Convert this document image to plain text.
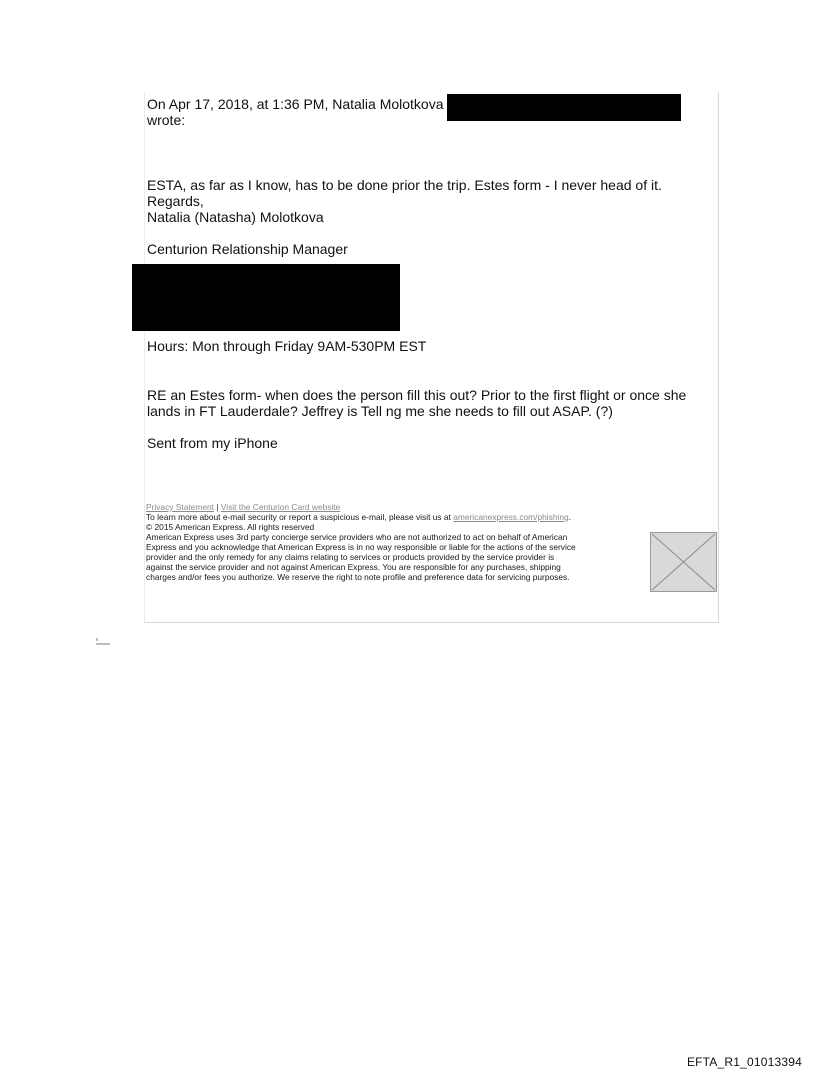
On Apr 17, 2018, at 1:36 PM, Natalia Molotkova
wrote:
ESTA, as far as I know, has to be done prior the trip. Estes form - I never head of it.
Regards,
Natalia (Natasha) Molotkova
Centurion Relationship Manager
Hours: Mon through Friday 9AM-530PM EST
RE an Estes form- when does the person fill this out? Prior to the first flight or once she
lands in FT Lauderdale? Jeffrey is Tell ng me she needs to fill out ASAP. (?)
Sent from my iPhone
Privacy Statement | Visit the Centurion Card website
To learn more about e-mail security or report a suspicious e-mail, please visit us at americanexpress.com/phishing.
© 2015 American Express. All rights reserved
American Express uses 3rd party concierge service providers who are not authorized to act on behalf of American
Express and you acknowledge that American Express is in no way responsible or liable for the actions of the service
provider and the only remedy for any claims relating to services or products provided by the service provider is
against the service provider and not against American Express. You are responsible for any purchases, shipping
charges and/or fees you authorize. We reserve the right to note profile and preference data for servicing purposes.
EFTA_R1_01013394
